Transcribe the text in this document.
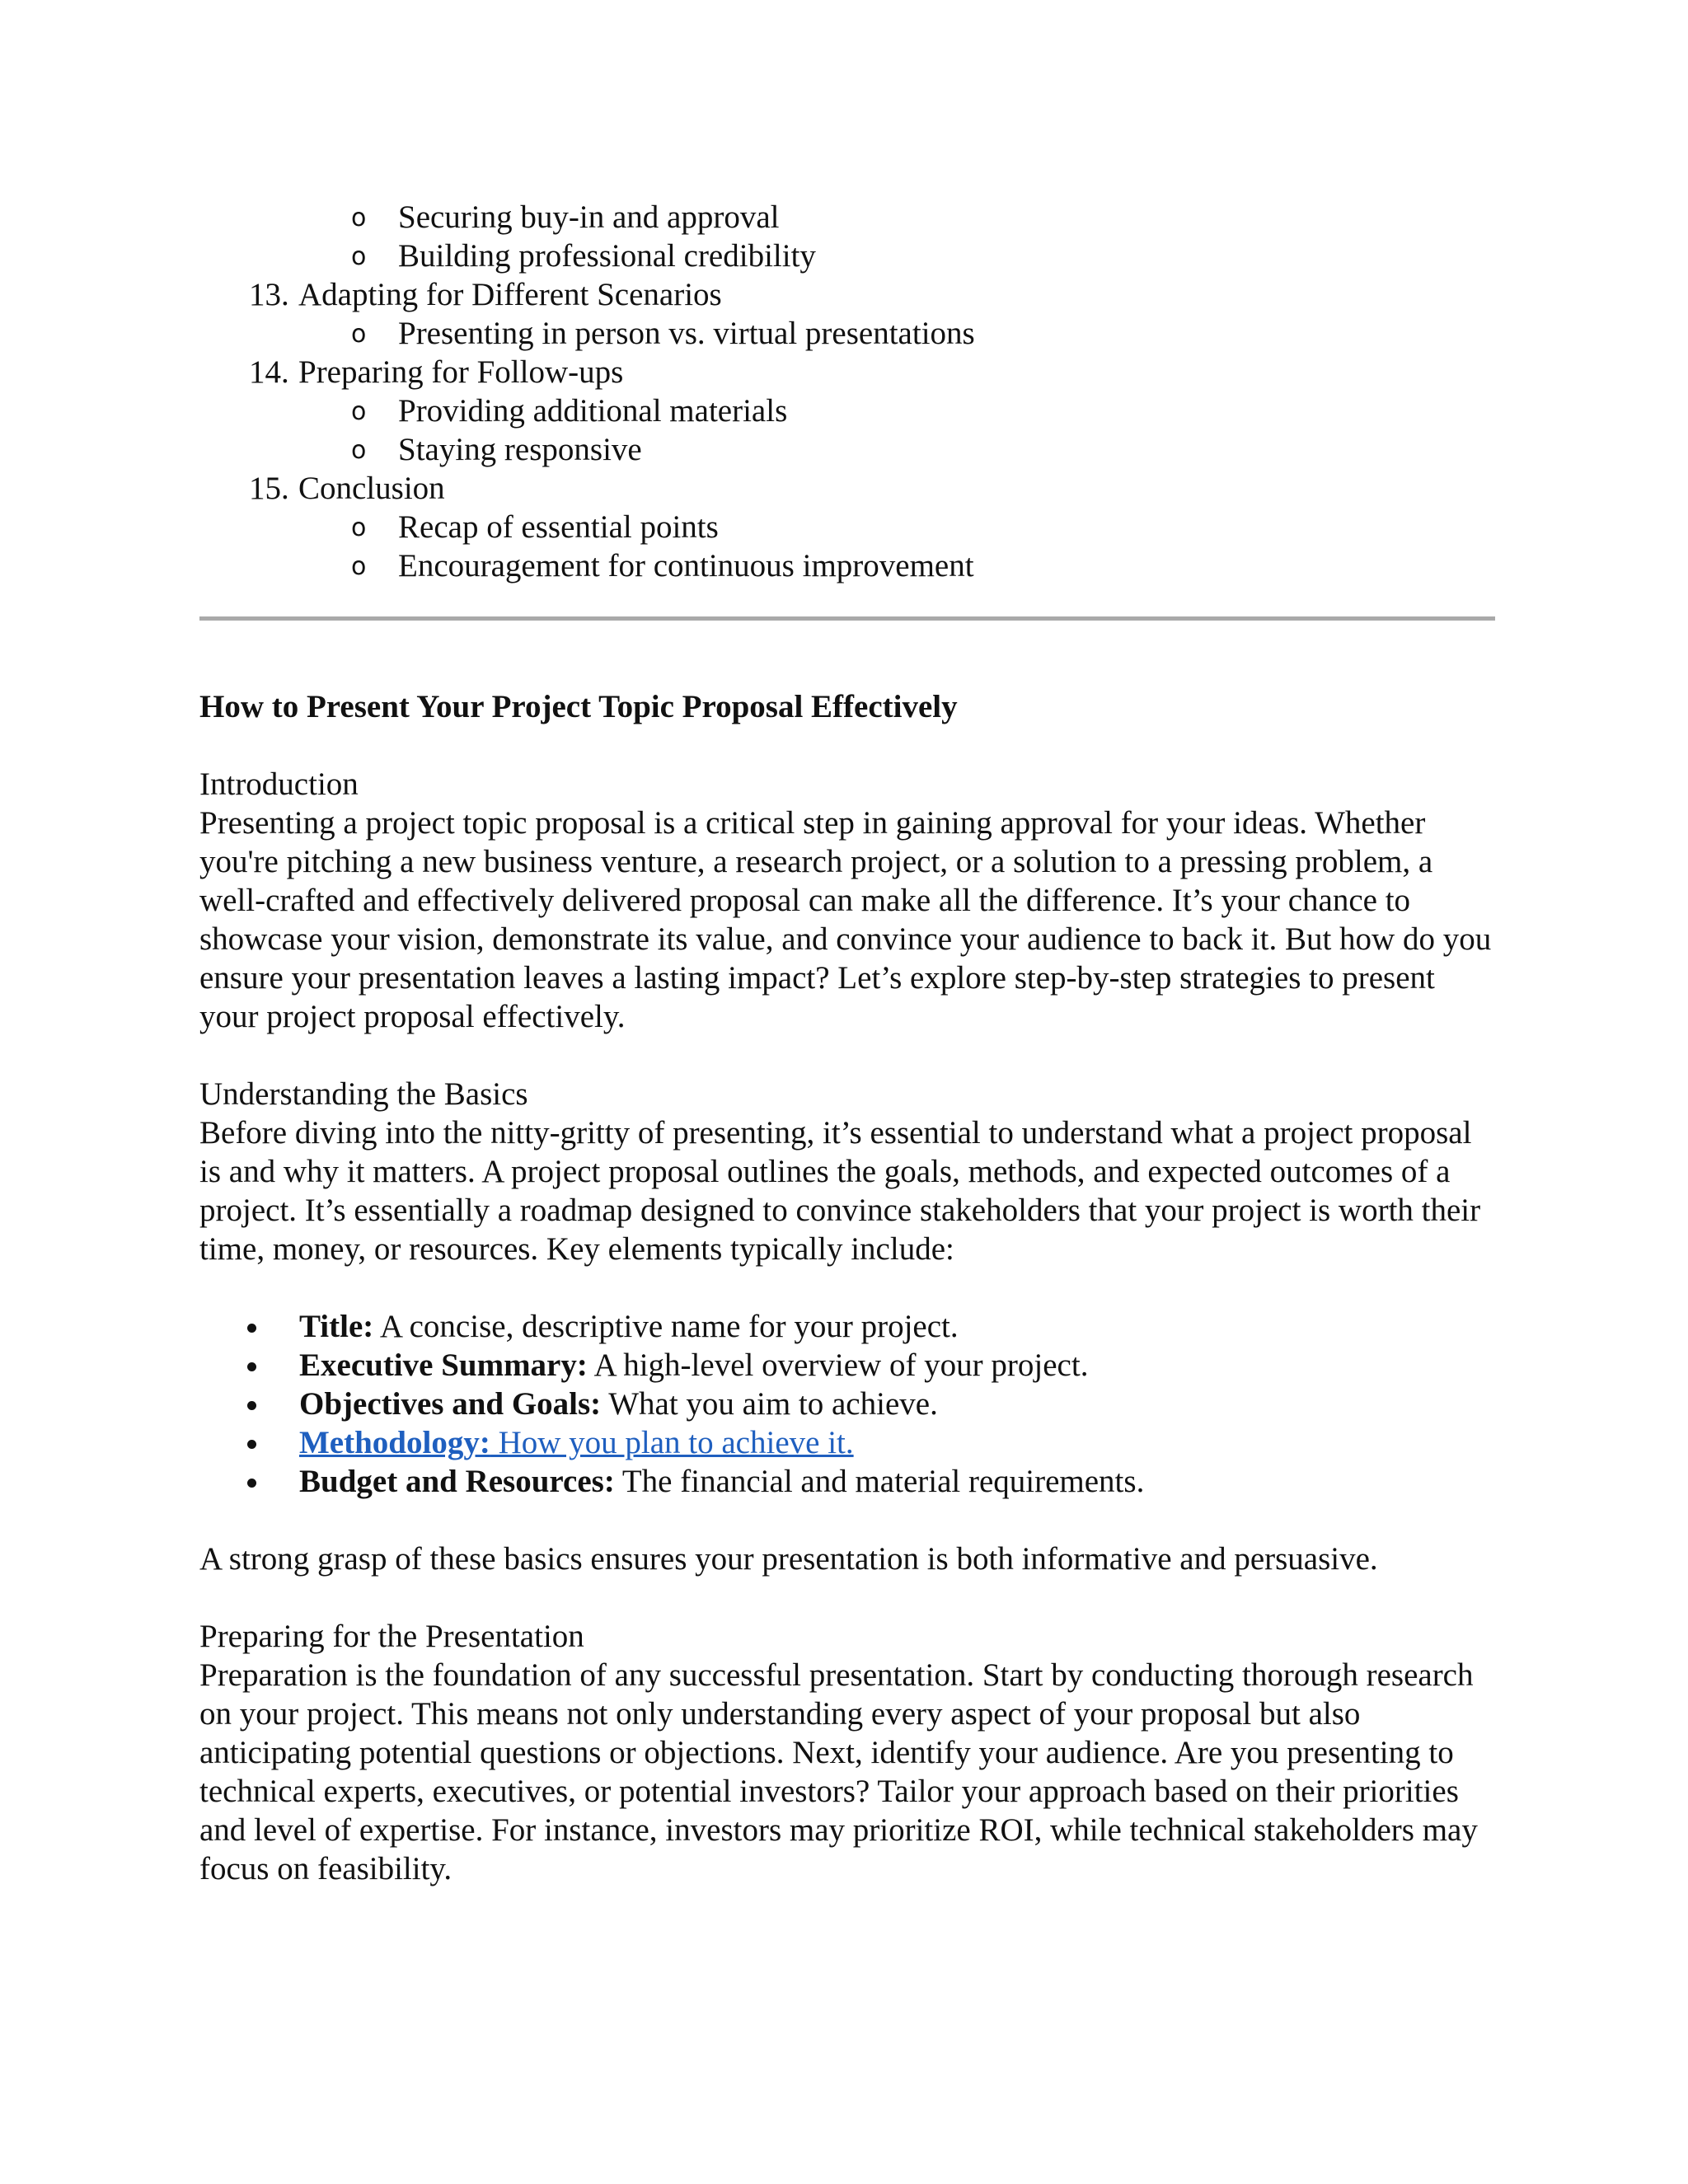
o Securing buy-in and approval
o Building professional credibility
13. Adapting for Different Scenarios
o Presenting in person vs. virtual presentations
14. Preparing for Follow-ups
o Providing additional materials
o Staying responsive
15. Conclusion
o Recap of essential points
o Encouragement for continuous improvement
How to Present Your Project Topic Proposal Effectively
Introduction

Presenting a project topic proposal is a critical step in gaining approval for your ideas. Whether you're pitching a new business venture, a research project, or a solution to a pressing problem, a well-crafted and effectively delivered proposal can make all the difference. It’s your chance to showcase your vision, demonstrate its value, and convince your audience to back it. But how do you ensure your presentation leaves a lasting impact? Let’s explore step-by-step strategies to present your project proposal effectively.

Understanding the Basics

Before diving into the nitty-gritty of presenting, it’s essential to understand what a project proposal is and why it matters. A project proposal outlines the goals, methods, and expected outcomes of a project. It’s essentially a roadmap designed to convince stakeholders that your project is worth their time, money, or resources. Key elements typically include:

Title: A concise, descriptive name for your project.
Executive Summary: A high-level overview of your project.
Objectives and Goals: What you aim to achieve.
Methodology: How you plan to achieve it.
Budget and Resources: The financial and material requirements.

A strong grasp of these basics ensures your presentation is both informative and persuasive.

Preparing for the Presentation

Preparation is the foundation of any successful presentation. Start by conducting thorough research on your project. This means not only understanding every aspect of your proposal but also anticipating potential questions or objections. Next, identify your audience. Are you presenting to technical experts, executives, or potential investors? Tailor your approach based on their priorities and level of expertise. For instance, investors may prioritize ROI, while technical stakeholders may focus on feasibility.
